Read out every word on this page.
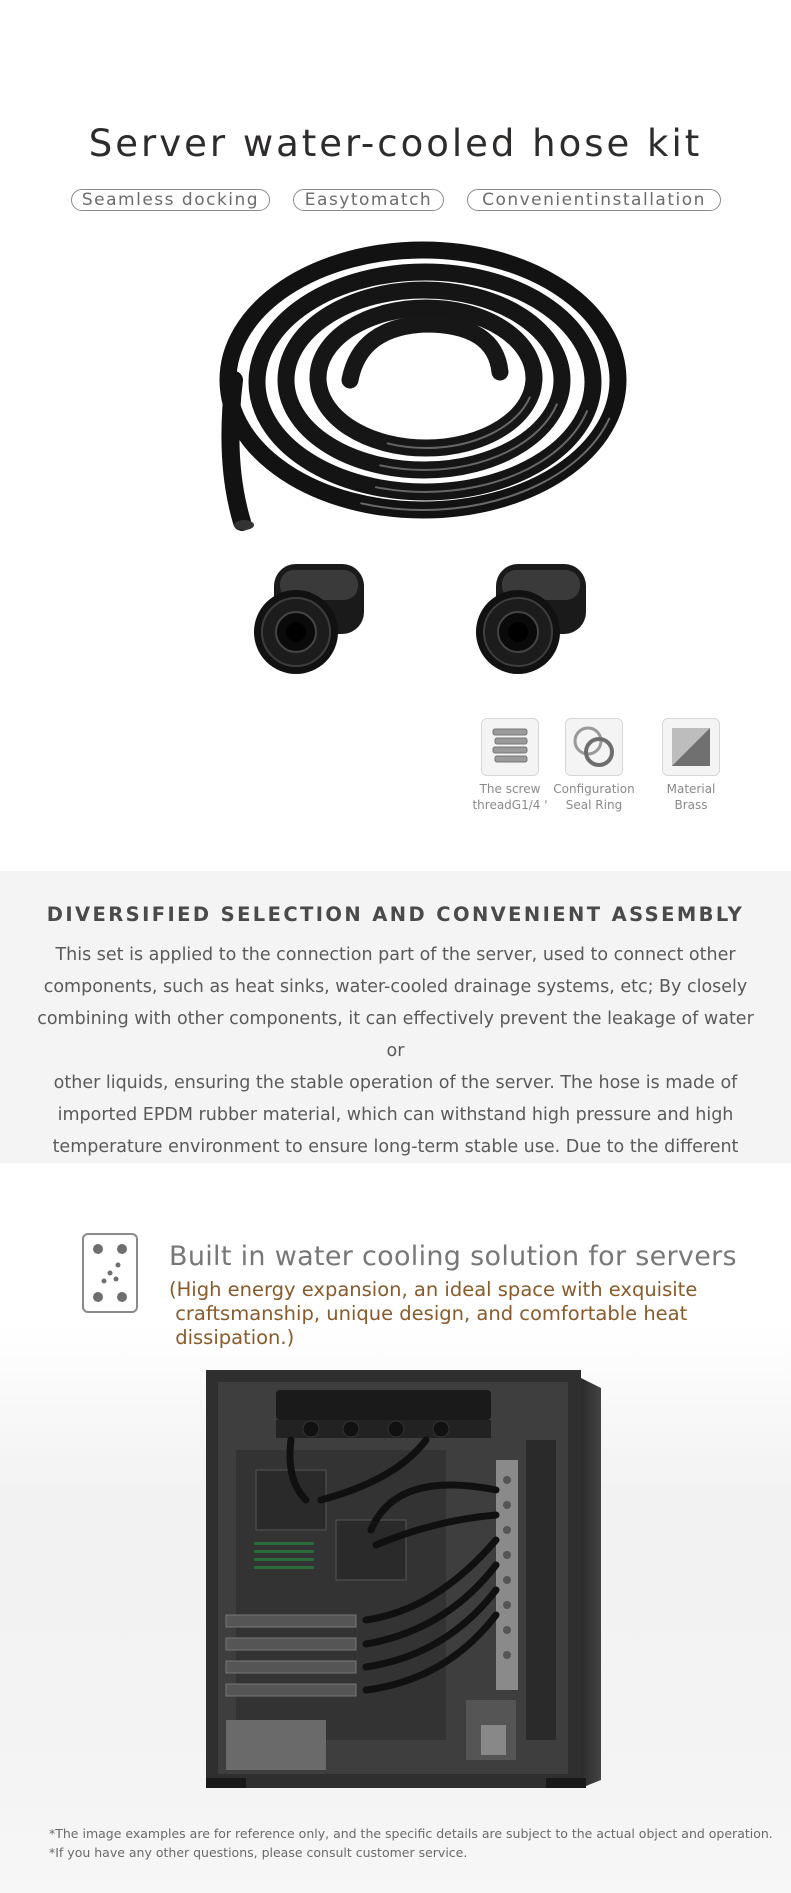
Server water-cooled hose kit
Seamless docking	Easytomatch	Convenientinstallation
The screw
threadG1/4 '
Configuration
Seal Ring
Material
Brass
DIVERSIFIED SELECTION AND CONVENIENT ASSEMBLY
This set is applied to the connection part of the server, used to connect other
components, such as heat sinks, water-cooled drainage systems, etc; By closely
combining with other components, it can effectively prevent the leakage of water or
other liquids, ensuring the stable operation of the server. The hose is made of
imported EPDM rubber material, which can withstand high pressure and high
temperature environment to ensure long-term stable use. Due to the different
Built in water cooling solution for servers
(High energy expansion, an ideal space with exquisite
craftsmanship, unique design, and comfortable heat
dissipation.)
*The image examples are for reference only, and the specific details are subject to the actual object and operation.
*If you have any other questions, please consult customer service.
